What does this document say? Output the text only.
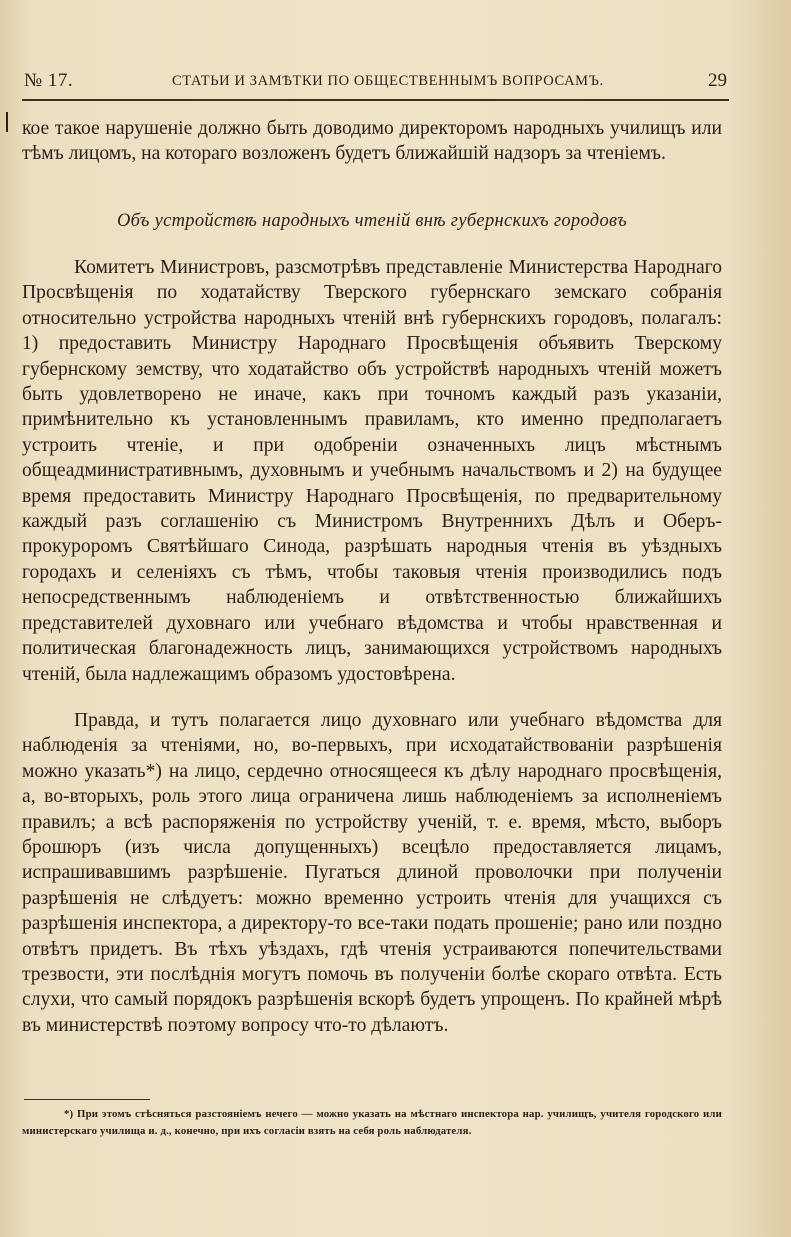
№ 17.	СТАТЬИ И ЗАМѢТКИ ПО ОБЩЕСТВЕННЫМЪ ВОПРОСАМЪ.	29
кое такое нарушеніе должно быть доводимо директоромъ народныхъ училищъ или тѣмъ лицомъ, на котораго возложенъ будетъ ближайшій надзоръ за чтеніемъ.
Объ устройствѣ народныхъ чтеній внѣ губернскихъ городовъ
Комитетъ Министровъ, разсмотрѣвъ представленіе Министерства Народнаго Просвѣщенія по ходатайству Тверского губернскаго земскаго собранія относительно устройства народныхъ чтеній внѣ губернскихъ городовъ, полагалъ: 1) предоставить Министру Народнаго Просвѣщенія объявить Тверскому губернскому земству, что ходатайство объ устройствѣ народныхъ чтеній можетъ быть удовлетворено не иначе, какъ при точномъ каждый разъ указаніи, примѣнительно къ установленнымъ правиламъ, кто именно предполагаетъ устроить чтеніе, и при одобреніи означенныхъ лицъ мѣстнымъ общеадминистративнымъ, духовнымъ и учебнымъ начальствомъ и 2) на будущее время предоставить Министру Народнаго Просвѣщенія, по предварительному каждый разъ соглашенію съ Министромъ Внутреннихъ Дѣлъ и Оберъ-прокуроромъ Святѣйшаго Синода, разрѣшать народныя чтенія въ уѣздныхъ городахъ и селеніяхъ съ тѣмъ, чтобы таковыя чтенія производились подъ непосредственнымъ наблюденіемъ и отвѣтственностью ближайшихъ представителей духовнаго или учебнаго вѣдомства и чтобы нравственная и политическая благонадежность лицъ, занимающихся устройствомъ народныхъ чтеній, была надлежащимъ образомъ удостовѣрена.
Правда, и тутъ полагается лицо духовнаго или учебнаго вѣдомства для наблюденія за чтеніями, но, во-первыхъ, при исходатайствованіи разрѣшенія можно указать*) на лицо, сердечно относящееся къ дѣлу народнаго просвѣщенія, а, во-вторыхъ, роль этого лица ограничена лишь наблюденіемъ за исполненіемъ правилъ; а всѣ распоряженія по устройству ученій, т. е. время, мѣсто, выборъ брошюръ (изъ числа допущенныхъ) всецѣло предоставляется лицамъ, испрашивавшимъ разрѣшеніе. Пугаться длиной проволочки при полученіи разрѣшенія не слѣдуетъ: можно временно устроить чтенія для учащихся съ разрѣшенія инспектора, а директору-то все-таки подать прошеніе; рано или поздно отвѣтъ придетъ. Въ тѣхъ уѣздахъ, гдѣ чтенія устраиваются попечительствами трезвости, эти послѣднія могутъ помочь въ полученіи болѣе скораго отвѣта. Есть слухи, что самый порядокъ разрѣшенія вскорѣ будетъ упрощенъ. По крайней мѣрѣ въ министерствѣ поэтому вопросу что-то дѣлаютъ.
*) При этомъ стѣсняться разстояніемъ нечего — можно указать на мѣстнаго инспектора нар. училищъ, учителя городского или министерскаго училища и. д., конечно, при ихъ согласіи взять на себя роль наблюдателя.
